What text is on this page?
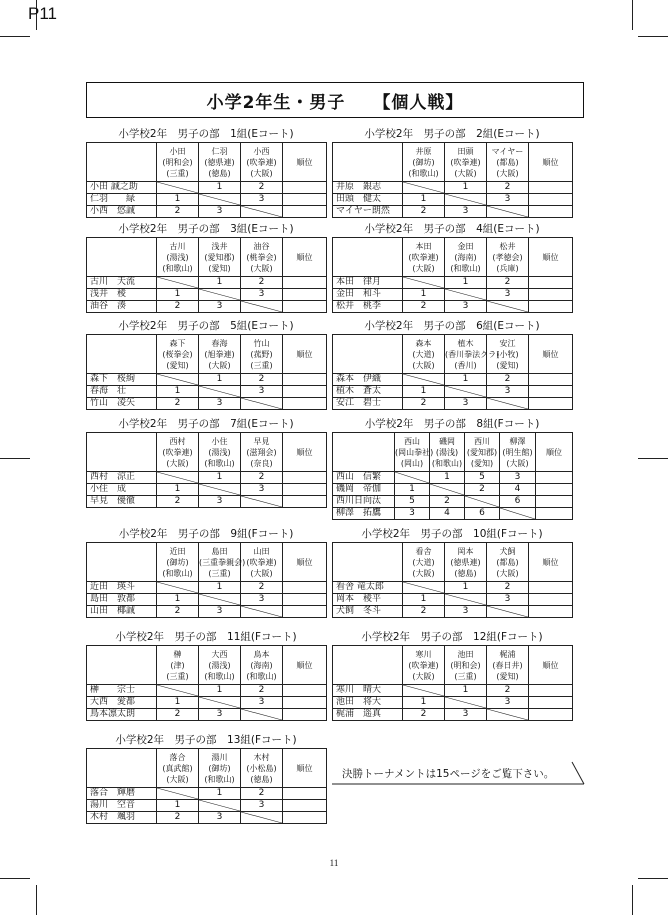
P11
小学2年生・男子 【個人戦】
小学校2年　男子の部　1組(Eコート)

	小田
(明和会)
(三重)	仁羽
(徳県連)
(徳島)	小西
(吹拳連)
(大阪)	順位
小田 誠之助		1	2	
仁羽　　緑	1		3	
小西　悠誠	2	3	

小学校2年　男子の部　2組(Eコート)

	井原
(御坊)
(和歌山)	田頭
(吹拳連)
(大阪)	マイヤー
(都島)
(大阪)	順位
井原　銀志		1	2	
田頭　健太	1		3	
マイヤー朗然	2	3	

小学校2年　男子の部　3組(Eコート)

	古川
(湯浅)
(和歌山)	浅井
(愛知郡)
(愛知)	油谷
(桃拳会)
(大阪)	順位
古川　天流		1	2	
浅井　稜	1		3	
油谷　湊	2	3	

小学校2年　男子の部　4組(Eコート)

	本田
(吹拳連)
(大阪)	金田
(海南)
(和歌山)	松井
(孝徳会)
(兵庫)	順位
本田　律月		1	2	
金田　和斗	1		3	
松井　桃李	2	3	

小学校2年　男子の部　5組(Eコート)

	森下
(桜拳会)
(愛知)	春海
(旭拳連)
(大阪)	竹山
(菰野)
(三重)	順位
森下　桜絢		1	2	
春海　壮	1		3	
竹山　凌矢	2	3	

小学校2年　男子の部　6組(Eコート)

	森本
(大道)
(大阪)	植木
(香川拳法クラ)
(香川)	安江
(小牧)
(愛知)	順位
森本　伊織		1	2	
植木　蒼太	1		3	
安江　碧士	2	3	

小学校2年　男子の部　7組(Eコート)

	西村
(吹拳連)
(大阪)	小住
(湯浅)
(和歌山)	早見
(滋翔会)
(奈良)	順位
西村　涼正		1	2	
小住　成	1		3	
早見　優徹	2	3	

小学校2年　男子の部　9組(Fコート)

	近田
(御坊)
(和歌山)	島田
(三重拳親会)
(三重)	山田
(吹拳連)
(大阪)	順位
近田　瑛斗		1	2	
島田　敦都	1		3	
山田　椰誠	2	3	

小学校2年　男子の部　10組(Fコート)

	看舎
(大道)
(大阪)	岡本
(徳県連)
(徳島)	犬飼
(都島)
(大阪)	順位
看舎 竜太郎		1	2	
岡本　稜平	1		3	
犬飼　冬斗	2	3	

小学校2年　男子の部　11組(Fコート)

	榊
(津)
(三重)	大西
(湯浅)
(和歌山)	鳥本
(海南)
(和歌山)	順位
榊　　宗士		1	2	
大西　愛都	1		3	
鳥本凛太朗	2	3	

小学校2年　男子の部　12組(Fコート)

	寒川
(吹拳連)
(大阪)	池田
(明和会)
(三重)	梶浦
(春日井)
(愛知)	順位
寒川　晴大		1	2	
池田　将大	1		3	
梶浦　遥真	2	3	

小学校2年　男子の部　13組(Fコート)

	落合
(真武館)
(大阪)	湯川
(御坊)
(和歌山)	木村
(小松島)
(徳島)	順位
落合　輝磨		1	2	
湯川　空音	1		3	
木村　颯羽	2	3	

小学校2年　男子の部　8組(Fコート)

	西山
(岡山拳社)
(岡山)	磯岡
(湯浅)
(和歌山)	西川
(愛知郡)
(愛知)	柳澤
(明生館)
(大阪)	順位
西山　信繁		1	5	3	
磯岡　帝伽	1		2	4	
西川日向汰	5	2		6	
柳澤　拓鷹	3	4	6	

決勝トーナメントは15ページをご覧下さい。
11
